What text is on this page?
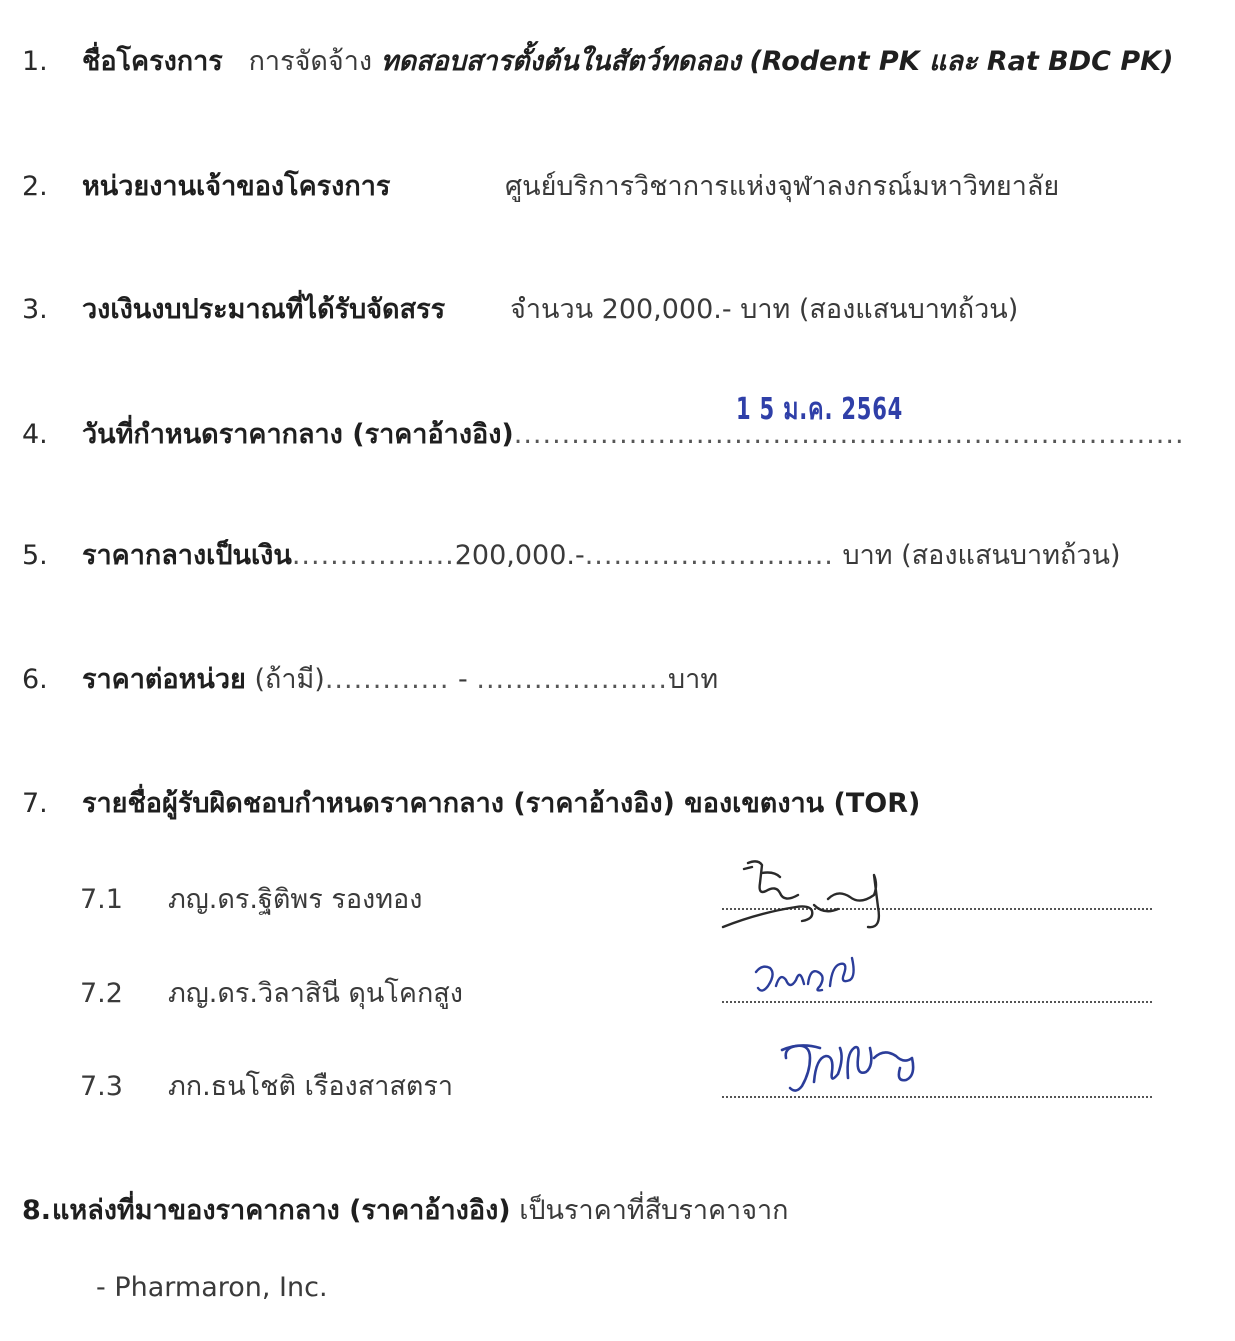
1. ชื่อโครงการ การจัดจ้าง ทดสอบสารตั้งต้นในสัตว์ทดลอง (Rodent PK และ Rat BDC PK)
2. หน่วยงานเจ้าของโครงการ	ศูนย์บริการวิชาการแห่งจุฬาลงกรณ์มหาวิทยาลัย
3. วงเงินงบประมาณที่ได้รับจัดสรร จำนวน 200,000.- บาท (สองแสนบาทถ้วน)
1 5 ม.ค. 2564
4. วันที่กำหนดราคากลาง (ราคาอ้างอิง)......................................................................
5. ราคากลางเป็นเงิน.................200,000.-.......................... บาท (สองแสนบาทถ้วน)
6. ราคาต่อหน่วย (ถ้ามี)............. - ....................บาท
7. รายชื่อผู้รับผิดชอบกำหนดราคากลาง (ราคาอ้างอิง) ของเขตงาน (TOR)
7.1 ภญ.ดร.ฐิติพร รองทอง
7.2 ภญ.ดร.วิลาสินี ดุนโคกสูง
7.3 ภก.ธนโชติ เรืองสาสตรา
8. แหล่งที่มาของราคากลาง (ราคาอ้างอิง) เป็นราคาที่สืบราคาจาก
- Pharmaron, Inc.
